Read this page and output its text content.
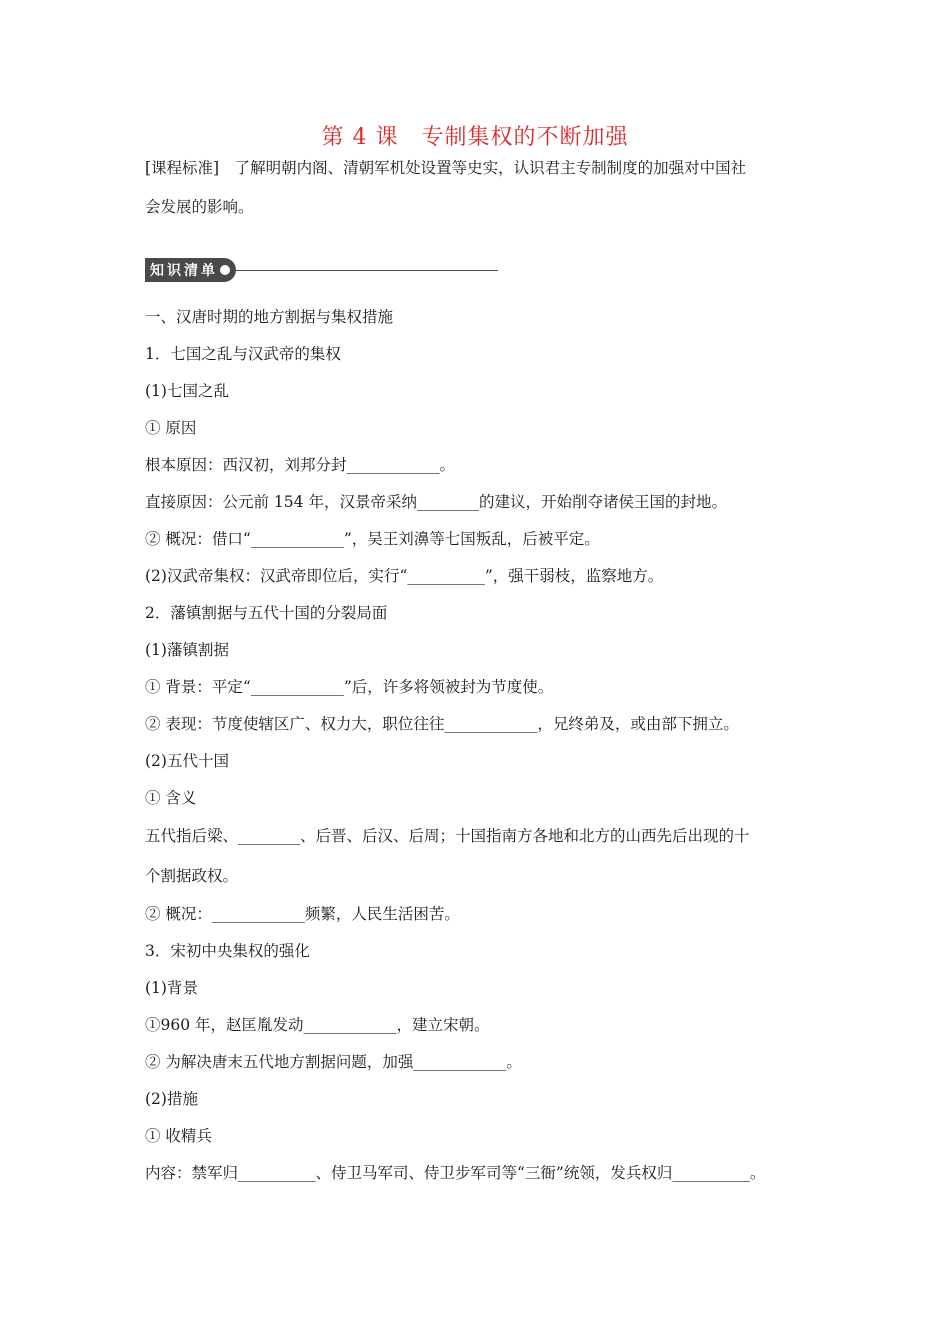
第 4 课　专制集权的不断加强
[课程标准]　了解明朝内阁、清朝军机处设置等史实，认识君主专制制度的加强对中国社
会发展的影响。
知识清单
一、汉唐时期的地方割据与集权措施
1．七国之乱与汉武帝的集权
(1)七国之乱
① 原因
根本原因：西汉初，刘邦分封____________。
直接原因：公元前 154 年，汉景帝采纳________的建议，开始削夺诸侯王国的封地。
② 概况：借口“____________”，吴王刘濞等七国叛乱，后被平定。
(2)汉武帝集权：汉武帝即位后，实行“__________”，强干弱枝，监察地方。
2．藩镇割据与五代十国的分裂局面
(1)藩镇割据
① 背景：平定“____________”后，许多将领被封为节度使。
② 表现：节度使辖区广、权力大，职位往往____________，兄终弟及，或由部下拥立。
(2)五代十国
① 含义
五代指后梁、________、后晋、后汉、后周；十国指南方各地和北方的山西先后出现的十
个割据政权。
② 概况：____________频繁，人民生活困苦。
3．宋初中央集权的强化
(1)背景
①960 年，赵匡胤发动____________，建立宋朝。
② 为解决唐末五代地方割据问题，加强____________。
(2)措施
① 收精兵
内容：禁军归__________、侍卫马军司、侍卫步军司等“三衙”统领，发兵权归__________。
